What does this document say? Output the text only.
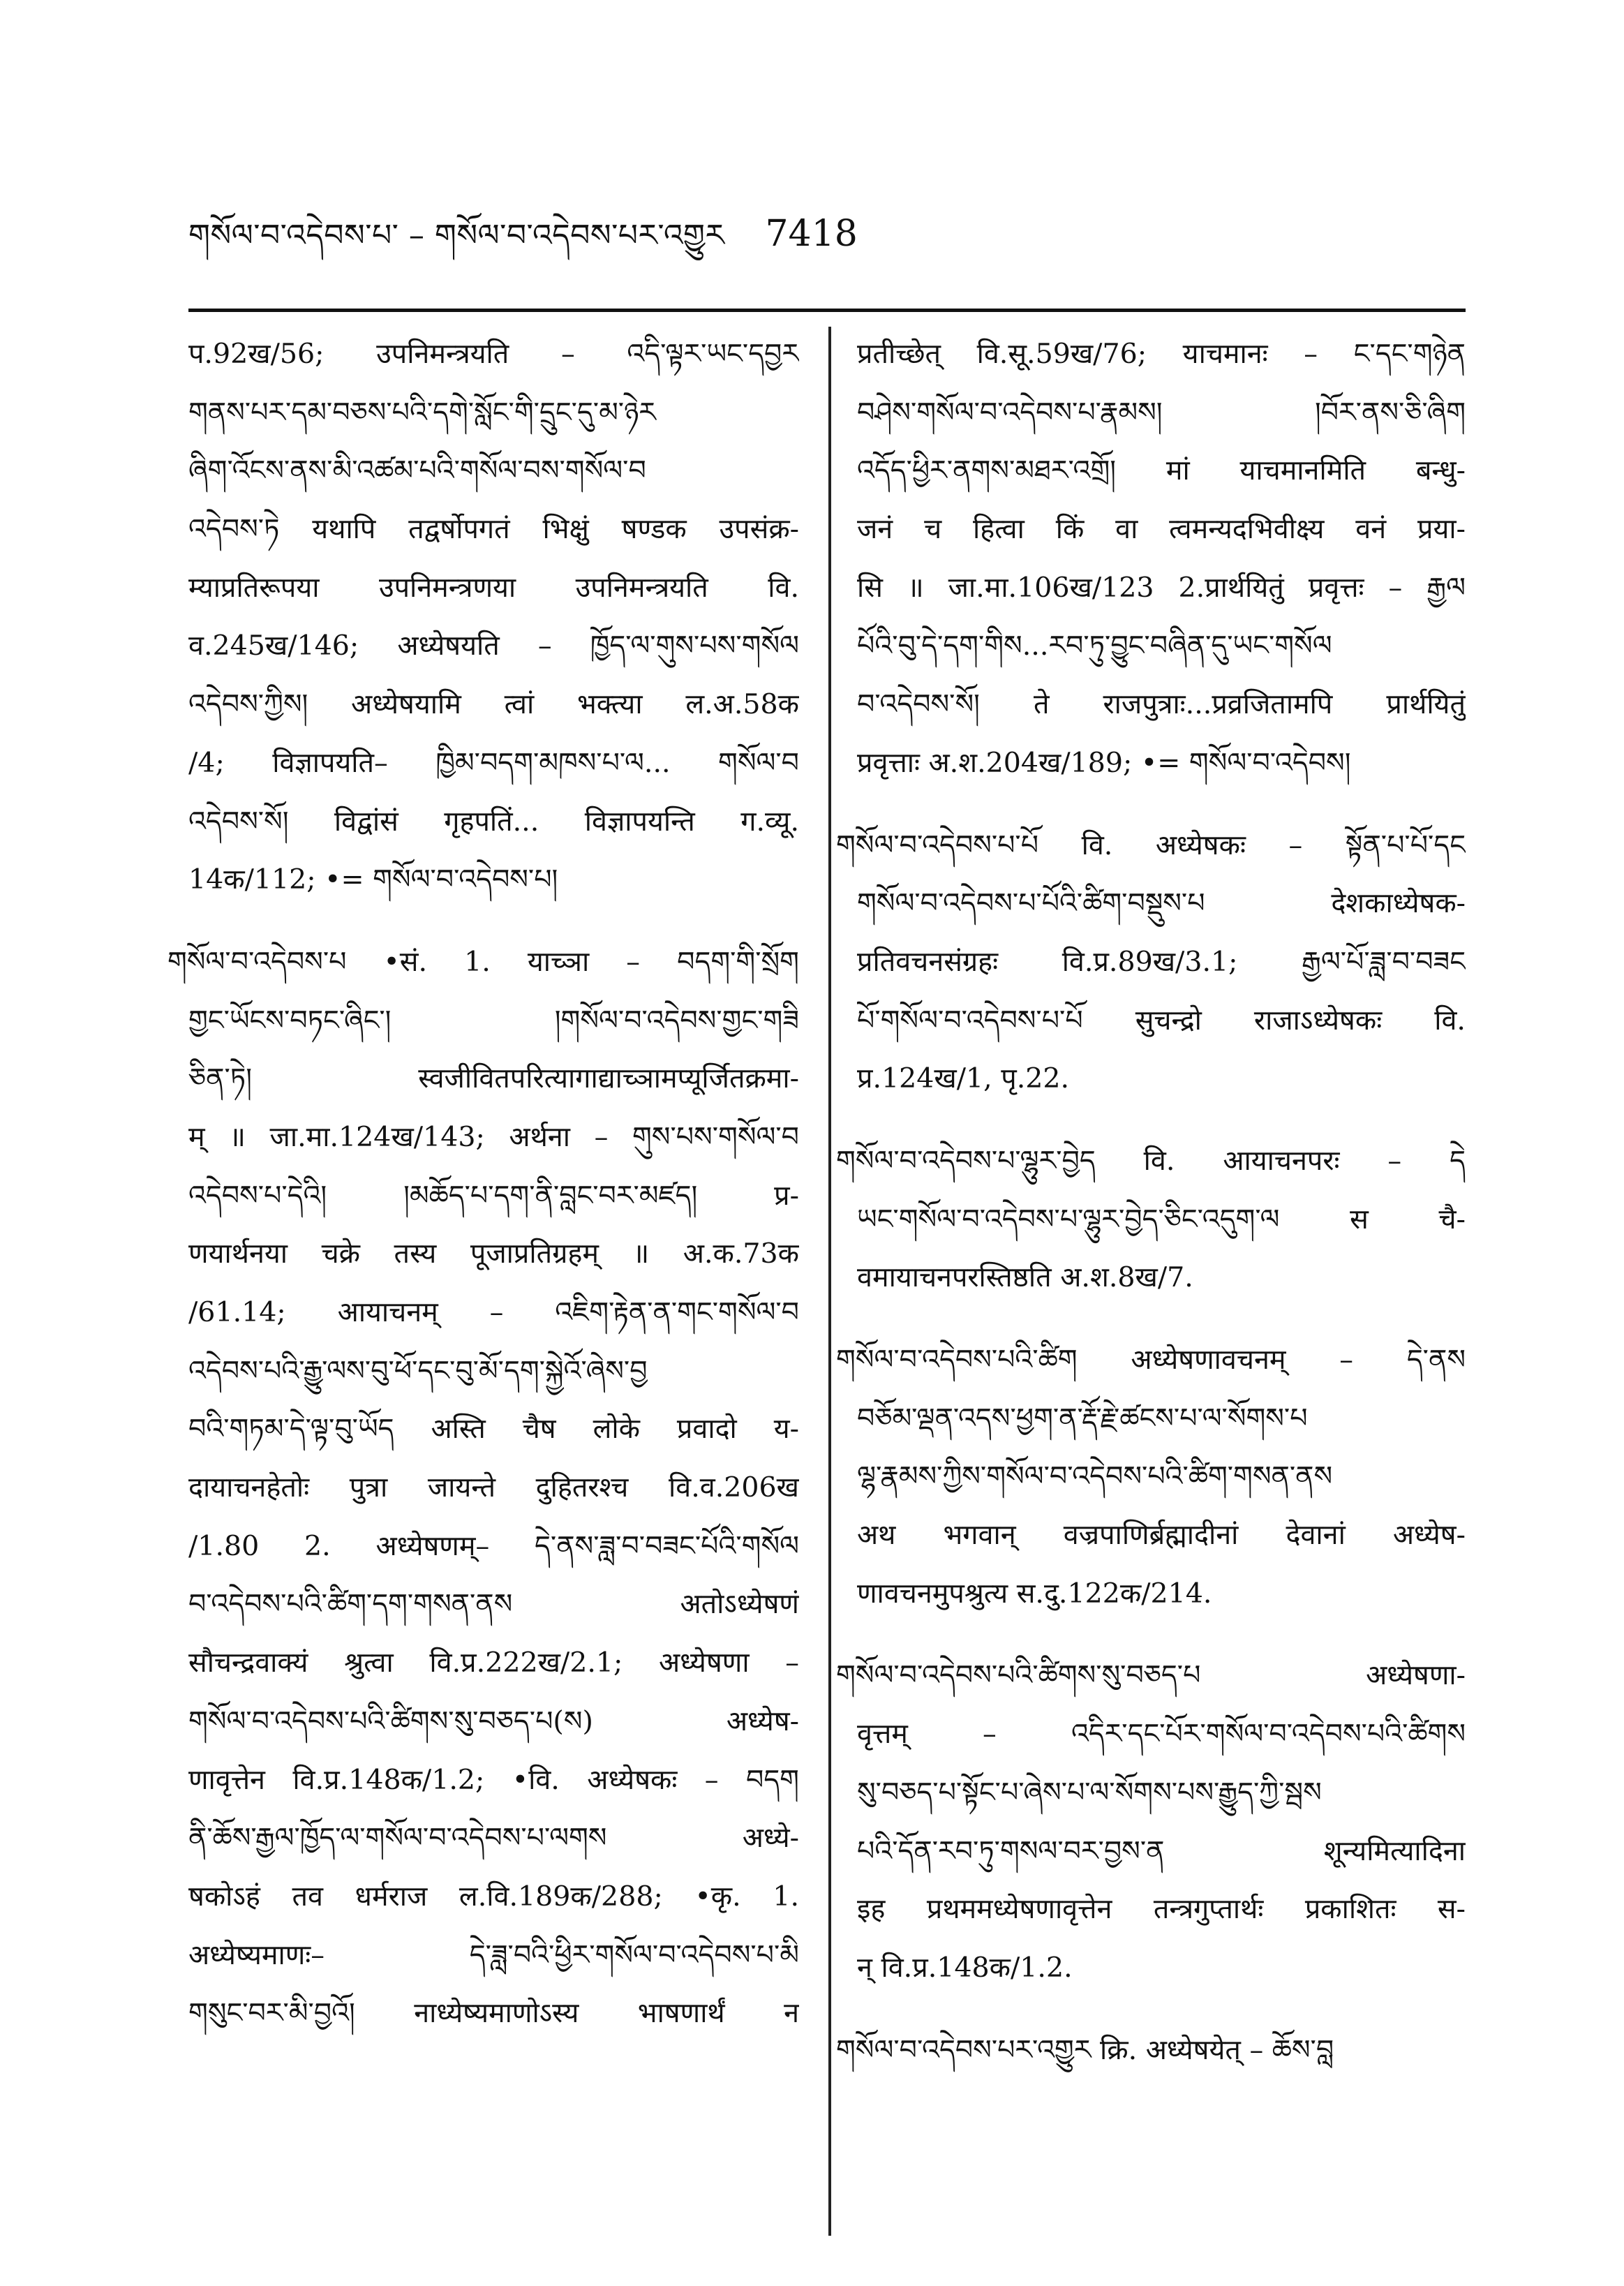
གསོལ་བ་འདེབས་པ་ – གསོལ་བ་འདེབས་པར་འགྱུར 7418
प.92ख/56; उपनिमन्त्रयति – འདི་ལྟར་ཡང་དབྱར
གནས་པར་དམ་བཅས་པའི་དགེ་སློང་གི་དྲུང་དུ་མ་ཉེར
ཞིག་འོངས་ནས་མི་འཚམ་པའི་གསོལ་བས་གསོལ་བ
འདེབས་ཏེ यथापि तद्वर्षोपगतं भिक्षुं षण्डक उपसंक्र-
म्याप्रतिरूपया उपनिमन्त्रणया उपनिमन्त्रयति वि.
व.245ख/146; अध्येषयति – ཁྱོད་ལ་གུས་པས་གསོལ
འདེབས་ཀྱིས། अध्येषयामि त्वां भक्त्या ल.अ.58क
/4; विज्ञापयति– ཁྱིམ་བདག་མཁས་པ་ལ... གསོལ་བ
འདེབས་སོ། विद्वांसं गृहपतिं... विज्ञापयन्ति ग.व्यू.
14क/112; •= གསོལ་བ་འདེབས་པ།
གསོལ་བ་འདེབས་པ •सं. 1. याच्ञा – བདག་གི་སྲོག
གྱང་ཡོངས་བཏང་ཞིང་། །གསོལ་བ་འདེབས་གྱང་གཟི
ཅིན་ཏེ། स्वजीवितपरित्यागाद्याच्ञामप्यूर्जितक्रमा-
म् ॥ जा.मा.124ख/143; अर्थना – གུས་པས་གསོལ་བ
འདེབས་པ་དེའི། །མཆོད་པ་དག་ནི་བླང་བར་མཛད། प्र-
णयार्थनया चक्रे तस्य पूजाप्रतिग्रहम् ॥ अ.क.73क
/61.14; आयाचनम् – འཇིག་རྟེན་ན་གང་གསོལ་བ
འདེབས་པའི་རྒྱུ་ལས་བུ་ཕོ་དང་བུ་མོ་དག་སྐྱེའོ་ཞེས་བྱ
བའི་གཏམ་དེ་ལྟ་བུ་ཡོད अस्ति चैष लोके प्रवादो य-
दायाचनहेतोः पुत्रा जायन्ते दुहितरश्च वि.व.206ख
/1.80 2. अध्येषणम्– དེ་ནས་ཟླ་བ་བཟང་པོའི་གསོལ
བ་འདེབས་པའི་ཚིག་དག་གསན་ནས अतोऽध्येषणं
सौचन्द्रवाक्यं श्रुत्वा वि.प्र.222ख/2.1; अध्येषणा –
གསོལ་བ་འདེབས་པའི་ཚིགས་སུ་བཅད་པ(ས) अध्येष-
णावृत्तेन वि.प्र.148क/1.2; •वि. अध्येषकः – བདག
ནི་ཆོས་རྒྱལ་ཁྱོད་ལ་གསོལ་བ་འདེབས་པ་ལགས अध्ये-
षकोऽहं तव धर्मराज ल.वि.189क/288; •कृ. 1.
अध्येष्यमाणः– དེ་ཟླ་བའི་ཕྱིར་གསོལ་བ་འདེབས་པ་མི
གསུང་བར་མི་བྱའོ། नाध्येष्यमाणोऽस्य भाषणार्थं न
प्रतीच्छेत् वि.सू.59ख/76; याचमानः – ང་དང་གཉེན
བཤེས་གསོལ་བ་འདེབས་པ་རྣམས། །བོར་ནས་ཅི་ཞིག
འདོད་ཕྱིར་ནགས་མཐར་འགྲོ། मां याचमानमिति बन्धु-
जनं च हित्वा किं वा त्वमन्यदभिवीक्ष्य वनं प्रया-
सि ॥ जा.मा.106ख/123 2.प्रार्थयितुं प्रवृत्तः – རྒྱལ
པོའི་བུ་དེ་དག་གིས...རབ་ཏུ་བྱུང་བཞིན་དུ་ཡང་གསོལ
བ་འདེབས་སོ། ते राजपुत्राः...प्रव्रजितामपि प्रार्थयितुं
प्रवृत्ताः अ.श.204ख/189; •= གསོལ་བ་འདེབས།
གསོལ་བ་འདེབས་པ་པོ वि. अध्येषकः – སྟོན་པ་པོ་དང
གསོལ་བ་འདེབས་པ་པོའི་ཚིག་བསྡུས་པ देशकाध्येषक-
प्रतिवचनसंग्रहः वि.प्र.89ख/3.1; རྒྱལ་པོ་ཟླ་བ་བཟང
པོ་གསོལ་བ་འདེབས་པ་པོ सुचन्द्रो राजाऽध्येषकः वि.
प्र.124ख/1, पृ.22.
གསོལ་བ་འདེབས་པ་ལྷུར་བྱེད वि. आयाचनपरः – དེ
ཡང་གསོལ་བ་འདེབས་པ་ལྷུར་བྱེད་ཅིང་འདུག་ལ स चै-
वमायाचनपरस्तिष्ठति अ.श.8ख/7.
གསོལ་བ་འདེབས་པའི་ཚིག अध्येषणावचनम् – དེ་ནས
བཅོམ་ལྡན་འདས་ཕྱག་ན་རྡོ་རྗེ་ཚངས་པ་ལ་སོགས་པ
ལྷ་རྣམས་ཀྱིས་གསོལ་བ་འདེབས་པའི་ཚིག་གསན་ནས
अथ भगवान् वज्रपाणिर्ब्रह्मादीनां देवानां अध्येष-
णावचनमुपश्रुत्य स.दु.122क/214.
གསོལ་བ་འདེབས་པའི་ཚིགས་སུ་བཅད་པ अध्येषणा-
वृत्तम् – འདིར་དང་པོར་གསོལ་བ་འདེབས་པའི་ཚིགས
སུ་བཅད་པ་སྟོང་པ་ཞེས་པ་ལ་སོགས་པས་རྒྱུད་ཀྱི་སྦས
པའི་དོན་རབ་ཏུ་གསལ་བར་བྱས་ན शून्यमित्यादिना
इह प्रथममध्येषणावृत्तेन तन्त्रगुप्तार्थः प्रकाशितः स-
न् वि.प्र.148क/1.2.
གསོལ་བ་འདེབས་པར་འགྱུར क्रि. अध्येषयेत् – ཆོས་བླ
